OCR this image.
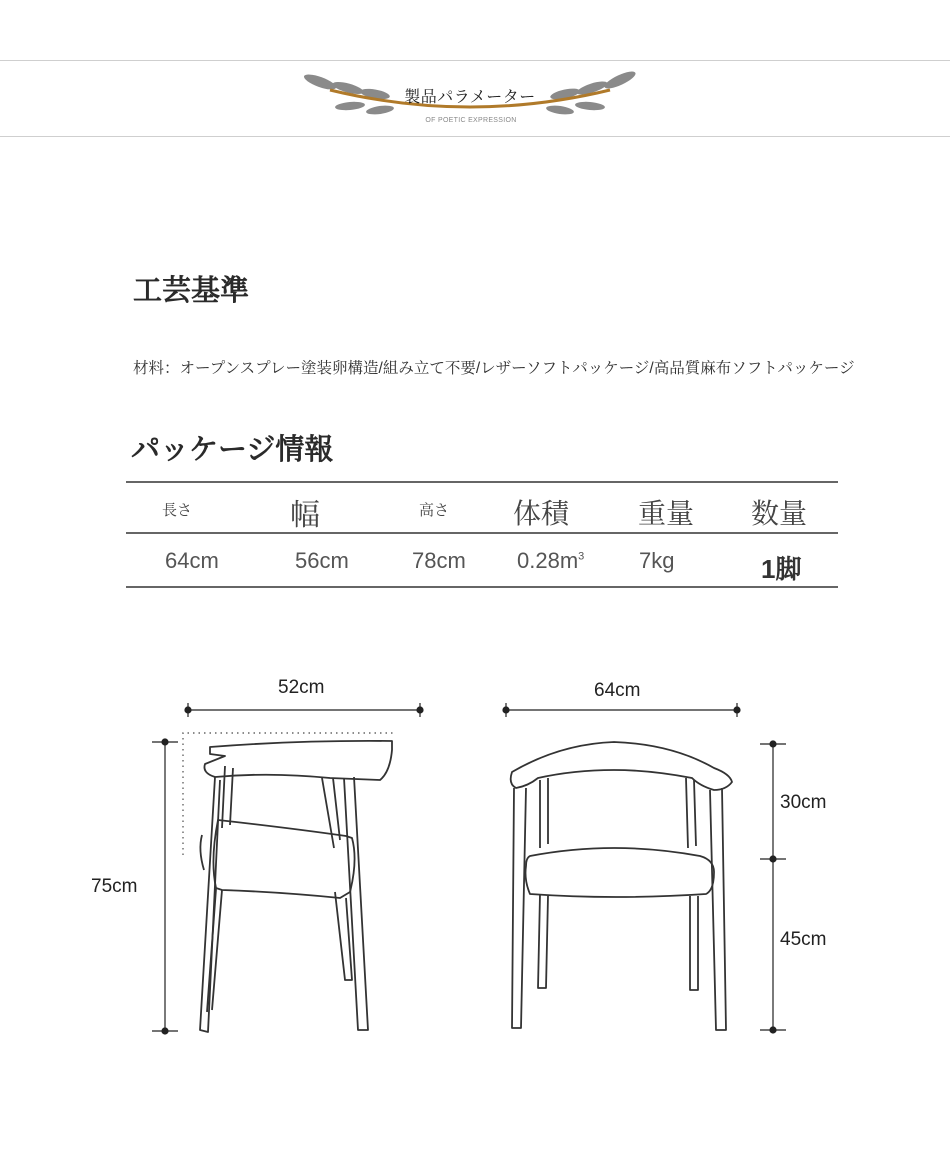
製品パラメーター
OF POETIC EXPRESSION
工芸基準
材料：オープンスプレー塗装卵構造/組み立て不要/レザーソフトパッケージ/高品質麻布ソフトパッケージ
パッケージ情報
長さ	幅	高さ 体積 重量 数量
64cm	56cm	78cm $0.28m^3$ 7kg	1脚
52cm	64cm
75cm
30cm
45cm
